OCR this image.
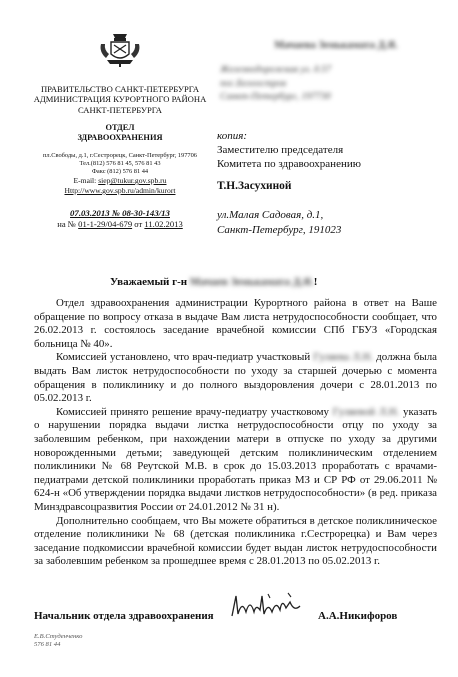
ПРАВИТЕЛЬСТВО САНКТ-ПЕТЕРБУРГА
АДМИНИСТРАЦИЯ КУРОРТНОГО РАЙОНА
САНКТ-ПЕТЕРБУРГА
ОТДЕЛ
ЗДРАВООХРАНЕНИЯ
пл.Свободы, д.1, г.Сестрорецк, Санкт-Петербург, 197706
Тел.(812) 576 81 45, 576 81 43
Факс (812) 576 81 44
E-mail: siep@tukur.gov.spb.ru
Http://www.gov.spb.ru/admin/kurort
07.03.2013 № 08-30-143/13
на № 01-1-29/04-679 от 11.02.2013
Мачаева Земькамата Д.Я.
Железнодорожная ул. д.57
пос.Белоостров
Санкт-Петербург, 197730
копия:
Заместителю председателя
Комитета по здравоохранению
Т.Н.Засухиной
ул.Малая Садовая, д.1,
Санкт-Петербург, 191023
Уважаемый г-н Мачаев Земькамата Д.Я.!
Отдел здравоохранения администрации Курортного района в ответ на Ваше обращение по вопросу отказа в выдаче Вам листа нетрудоспособности сообщает, что 26.02.2013 г. состоялось заседание врачебной комиссии СПб ГБУЗ «Городская больница № 40».
Комиссией установлено, что врач-педиатр участковый Гуляева Л.Н. должна была выдать Вам листок нетрудоспособности по уходу за старшей дочерью с момента обращения в поликлинику и до полного выздоровления дочери с 28.01.2013 по 05.02.2013 г.
Комиссией принято решение врачу-педиатру участковому Гуляевой Л.Н. указать о нарушении порядка выдачи листка нетрудоспособности отцу по уходу за заболевшим ребенком, при нахождении матери в отпуске по уходу за другими новорожденными детьми; заведующей детским поликлиническим отделением поликлиники № 68 Реутской М.В. в срок до 15.03.2013 проработать с врачами-педиатрами детской поликлиники проработать приказ МЗ и СР РФ от 29.06.2011 № 624-н «Об утверждении порядка выдачи листков нетрудоспособности» (в ред. приказа Минздравсоцразвития России от 24.01.2012 № 31 н).
Дополнительно сообщаем, что Вы можете обратиться в детское поликлиническое отделение поликлиники № 68 (детская поликлиника г.Сестрорецка) и Вам через заседание подкомиссии врачебной комиссии будет выдан листок нетрудоспособности за заболевшим ребенком за прошедшее время с 28.01.2013 по 05.02.2013 г.
Начальник отдела здравоохранения	А.А.Никифоров
Е.В.Студенченко
576 81 44
